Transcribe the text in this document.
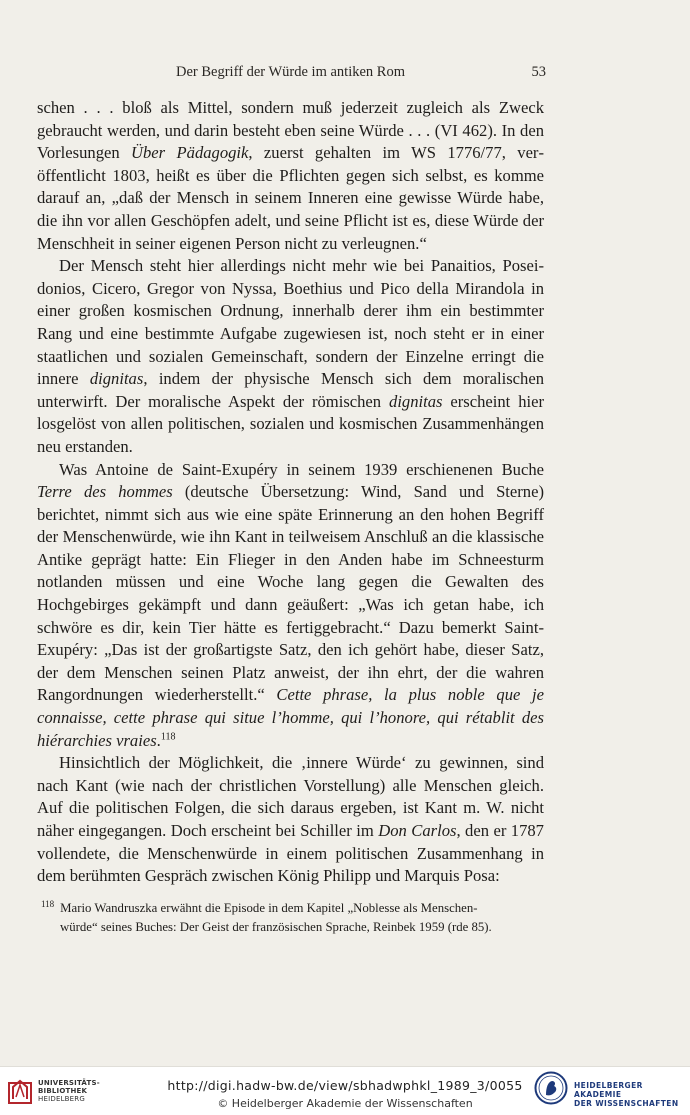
Der Begriff der Würde im antiken Rom	53

schen . . . bloß als Mittel, sondern muß jederzeit zugleich als Zweck gebraucht werden, und darin besteht eben seine Würde . . . (VI 462). In den Vorlesungen Über Pädagogik, zuerst gehalten im WS 1776/77, veröffentlicht 1803, heißt es über die Pflichten gegen sich selbst, es komme darauf an, „daß der Mensch in seinem Inneren eine gewisse Würde habe, die ihn vor allen Geschöpfen adelt, und seine Pflicht ist es, diese Würde der Menschheit in seiner eigenen Person nicht zu verleugnen.“

Der Mensch steht hier allerdings nicht mehr wie bei Panaitios, Poseidonios, Cicero, Gregor von Nyssa, Boethius und Pico della Mirandola in einer großen kosmischen Ordnung, innerhalb derer ihm ein bestimmter Rang und eine bestimmte Aufgabe zugewiesen ist, noch steht er in einer staatlichen und sozialen Gemeinschaft, sondern der Einzelne erringt die innere dignitas, indem der physische Mensch sich dem moralischen unterwirft. Der moralische Aspekt der römischen dignitas erscheint hier losgelöst von allen politischen, sozialen und kosmischen Zusammenhängen neu erstanden.

Was Antoine de Saint-Exupéry in seinem 1939 erschienenen Buche Terre des hommes (deutsche Übersetzung: Wind, Sand und Sterne) berichtet, nimmt sich aus wie eine späte Erinnerung an den hohen Begriff der Menschenwürde, wie ihn Kant in teilweisem Anschluß an die klassische Antike geprägt hatte: Ein Flieger in den Anden habe im Schneesturm notlanden müssen und eine Woche lang gegen die Gewalten des Hochgebirges gekämpft und dann geäußert: „Was ich getan habe, ich schwöre es dir, kein Tier hätte es fertiggebracht.“ Dazu bemerkt Saint-Exupéry: „Das ist der großartigste Satz, den ich gehört habe, dieser Satz, der dem Menschen seinen Platz anweist, der ihn ehrt, der die wahren Rangordnungen wiederherstellt.“ Cette phrase, la plus noble que je connaisse, cette phrase qui situe l’homme, qui l’honore, qui rétablit des hiérarchies vraies.$^{118}$

Hinsichtlich der Möglichkeit, die ‚innere Würde‘ zu gewinnen, sind nach Kant (wie nach der christlichen Vorstellung) alle Menschen gleich. Auf die politischen Folgen, die sich daraus ergeben, ist Kant m. W. nicht näher eingegangen. Doch erscheint bei Schiller im Don Carlos, den er 1787 vollendete, die Menschenwürde in einem politischen Zusammenhang in dem berühmten Gespräch zwischen König Philipp und Marquis Posa:

$^{118}$ Mario Wandruszka erwähnt die Episode in dem Kapitel „Noblesse als Menschen-
würde“ seines Buches: Der Geist der französischen Sprache, Reinbek 1959 (rde 85).
UNIVERSITÄTS-
BIBLIOTHEK
HEIDELBERG
http://digi.hadw-bw.de/view/sbhadwphkl_1989_3/0055
© Heidelberger Akademie der Wissenschaften
HEIDELBERGER AKADEMIE
DER WISSENSCHAFTEN
